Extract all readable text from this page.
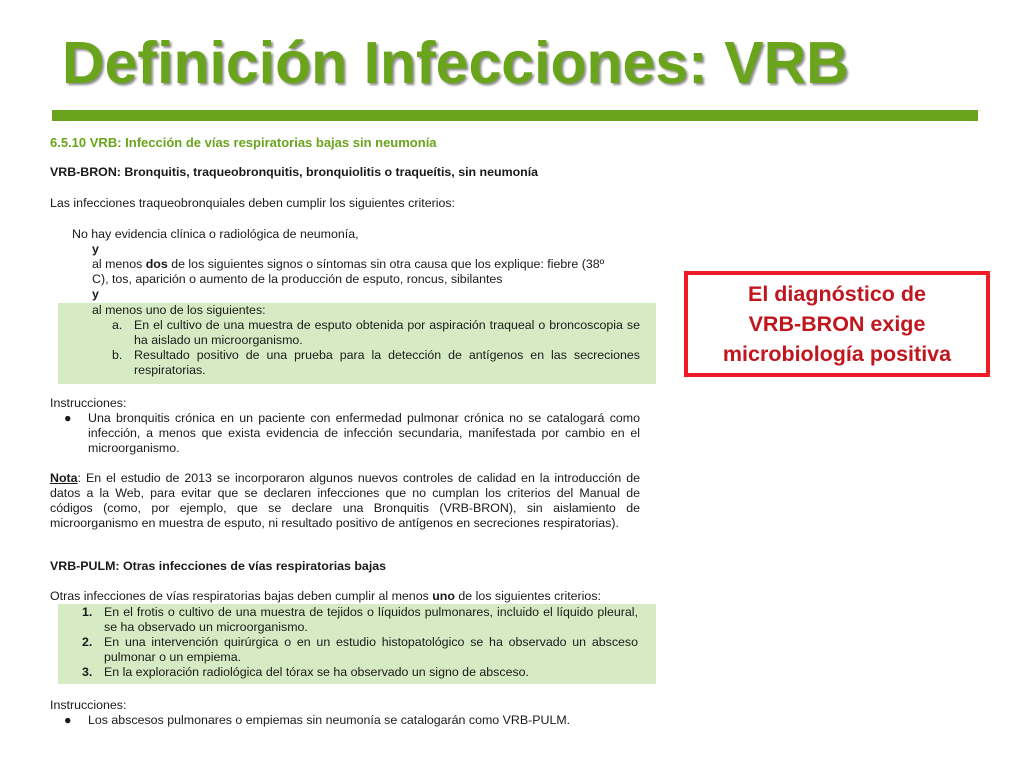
Definición Infecciones: VRB

6.5.10 VRB: Infección de vías respiratorias bajas sin neumonía

VRB-BRON: Bronquitis, traqueobronquitis, bronquiolitis o traqueítis, sin neumonía

Las infecciones traqueobronquiales deben cumplir los siguientes criterios:

No hay evidencia clínica o radiológica de neumonía,

y

al menos dos de los siguientes signos o síntomas sin otra causa que los explique: fiebre (38º

C), tos, aparición o aumento de la producción de esputo, roncus, sibilantes

y

al menos uno de los siguientes:

a. En el cultivo de una muestra de esputo obtenida por aspiración traqueal o broncoscopia se ha aislado un microorganismo.
b. Resultado positivo de una prueba para la detección de antígenos en las secreciones respiratorias.

Instrucciones:

● Una bronquitis crónica en un paciente con enfermedad pulmonar crónica no se catalogará como infección, a menos que exista evidencia de infección secundaria, manifestada por cambio en el microorganismo.

Nota: En el estudio de 2013 se incorporaron algunos nuevos controles de calidad en la introducción de datos a la Web, para evitar que se declaren infecciones que no cumplan los criterios del Manual de códigos (como, por ejemplo, que se declare una Bronquitis (VRB-BRON), sin aislamiento de microorganismo en muestra de esputo, ni resultado positivo de antígenos en secreciones respiratorias).

VRB-PULM: Otras infecciones de vías respiratorias bajas

Otras infecciones de vías respiratorias bajas deben cumplir al menos uno de los siguientes criterios:

1. En el frotis o cultivo de una muestra de tejidos o líquidos pulmonares, incluido el líquido pleural, se ha observado un microorganismo.
2. En una intervención quirúrgica o en un estudio histopatológico se ha observado un absceso pulmonar o un empiema.
3. En la exploración radiológica del tórax se ha observado un signo de absceso.

Instrucciones:

● Los abscesos pulmonares o empiemas sin neumonía se catalogarán como VRB-PULM.
El diagnóstico de
VRB-BRON exige
microbiología positiva
